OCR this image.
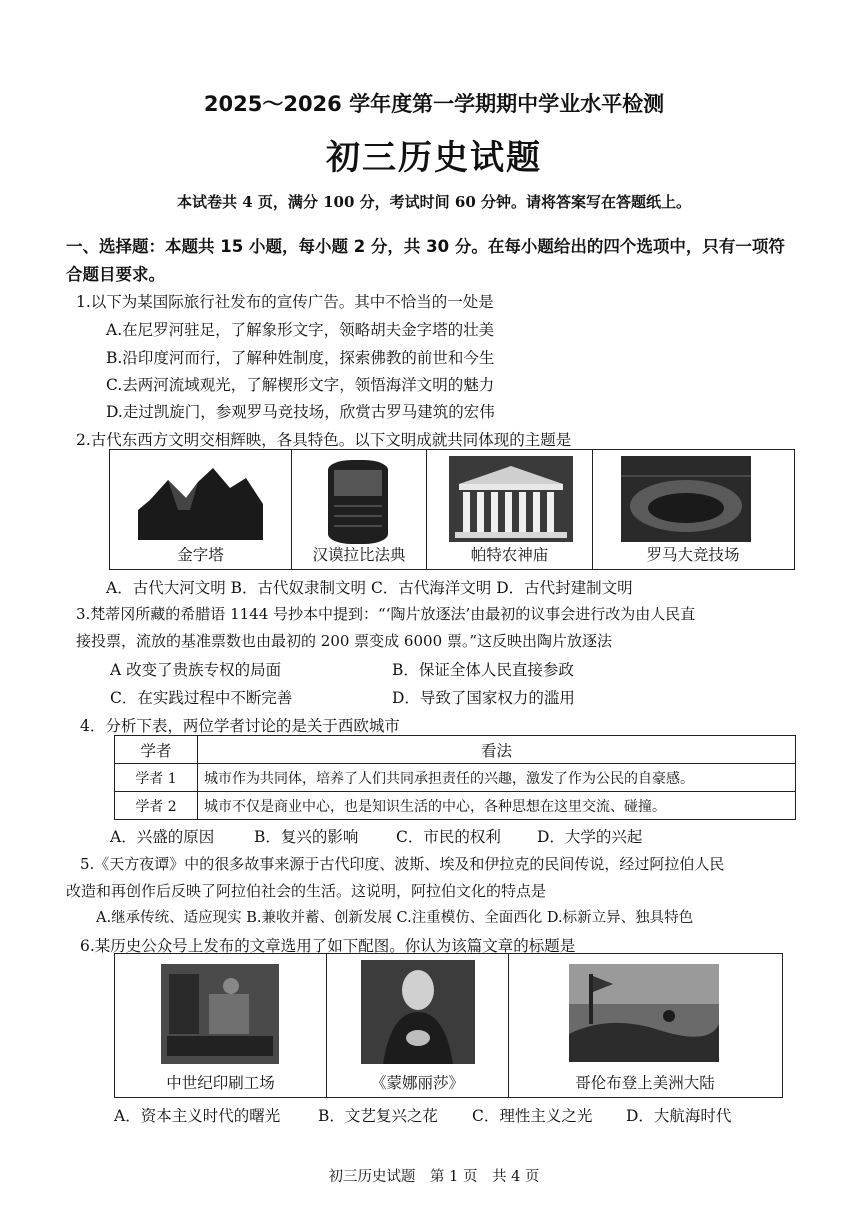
2025～2026 学年度第一学期期中学业水平检测
初三历史试题
本试卷共 4 页，满分 100 分，考试时间 60 分钟。请将答案写在答题纸上。
一、选择题：本题共 15 小题，每小题 2 分，共 30 分。在每小题给出的四个选项中，只有一项符
合题目要求。
1.以下为某国际旅行社发布的宣传广告。其中不恰当的一处是
A.在尼罗河驻足，了解象形文字，领略胡夫金字塔的壮美
B.沿印度河而行，了解种姓制度，探索佛教的前世和今生
C.去两河流域观光，了解楔形文字，领悟海洋文明的魅力
D.走过凯旋门，参观罗马竞技场，欣赏古罗马建筑的宏伟
2.古代东西方文明交相辉映，各具特色。以下文明成就共同体现的主题是
金字塔	汉谟拉比法典	帕特农神庙	罗马大竞技场
A．古代大河文明 B．古代奴隶制文明 C．古代海洋文明 D．古代封建制文明
3.梵蒂冈所藏的希腊语 1144 号抄本中提到：“‘陶片放逐法’由最初的议事会进行改为由人民直
接投票，流放的基准票数也由最初的 200 票变成 6000 票。”这反映出陶片放逐法
A 改变了贵族专权的局面	B．保证全体人民直接参政
C．在实践过程中不断完善	D．导致了国家权力的滥用
4．分析下表，两位学者讨论的是关于西欧城市
学者	看法
学者 1	城市作为共同体，培养了人们共同承担责任的兴趣，激发了作为公民的自豪感。
学者 2	城市不仅是商业中心，也是知识生活的中心，各种思想在这里交流、碰撞。
A．兴盛的原因	B．复兴的影响 C．市民的权利 D．大学的兴起
5.《天方夜谭》中的很多故事来源于古代印度、波斯、埃及和伊拉克的民间传说，经过阿拉伯人民
改造和再创作后反映了阿拉伯社会的生活。这说明，阿拉伯文化的特点是
A.继承传统、适应现实 B.兼收并蓄、创新发展 C.注重模仿、全面西化 D.标新立异、独具特色
6.某历史公众号上发布的文章选用了如下配图。你认为该篇文章的标题是
中世纪印刷工场	《蒙娜丽莎》	哥伦布登上美洲大陆
A．资本主义时代的曙光 B．文艺复兴之花 C．理性主义之光 D．大航海时代
初三历史试题　第 1 页　共 4 页
